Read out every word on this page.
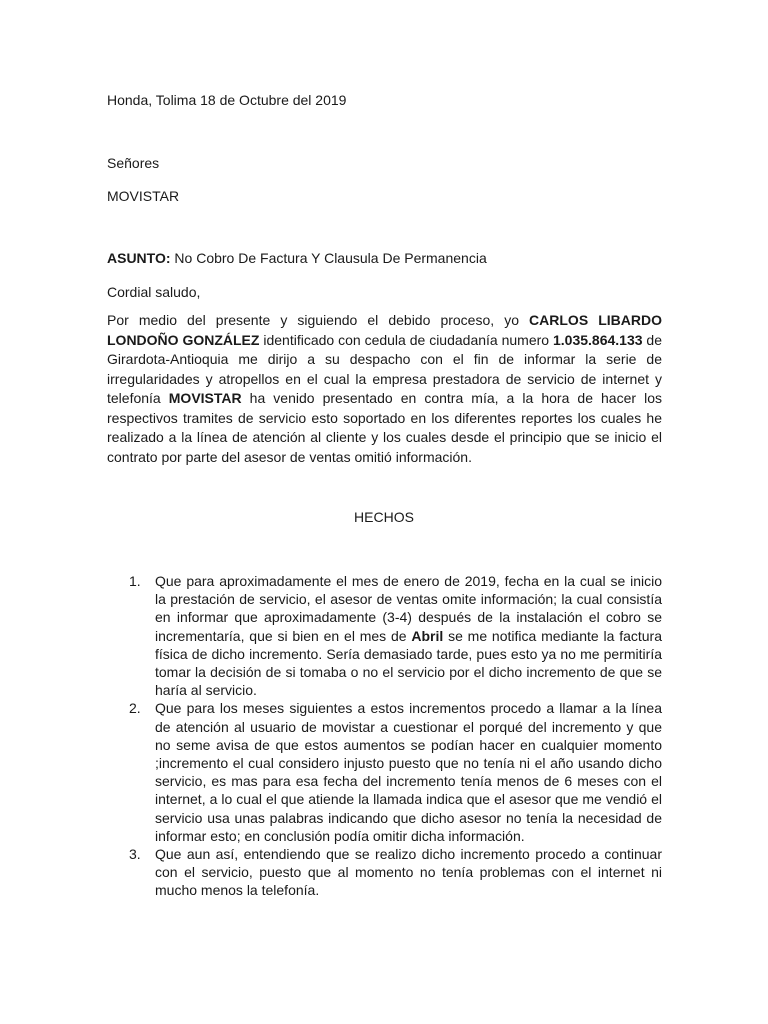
Honda, Tolima 18 de Octubre del 2019
Señores
MOVISTAR
ASUNTO: No Cobro De Factura Y Clausula De Permanencia
Cordial saludo,
Por medio del presente y siguiendo el debido proceso, yo CARLOS LIBARDO LONDOÑO GONZÁLEZ identificado con cedula de ciudadanía numero 1.035.864.133 de Girardota-Antioquia me dirijo a su despacho con el fin de informar la serie de irregularidades y atropellos en el cual la empresa prestadora de servicio de internet y telefonía MOVISTAR ha venido presentado en contra mía, a la hora de hacer los respectivos tramites de servicio esto soportado en los diferentes reportes los cuales he realizado a la línea de atención al cliente y los cuales desde el principio que se inicio el contrato por parte del asesor de ventas omitió información.
HECHOS
1. Que para aproximadamente el mes de enero de 2019, fecha en la cual se inicio la prestación de servicio, el asesor de ventas omite información; la cual consistía en informar que aproximadamente (3-4) después de la instalación el cobro se incrementaría, que si bien en el mes de Abril se me notifica mediante la factura física de dicho incremento. Sería demasiado tarde, pues esto ya no me permitiría tomar la decisión de si tomaba o no el servicio por el dicho incremento de que se haría al servicio.
2. Que para los meses siguientes a estos incrementos procedo a llamar a la línea de atención al usuario de movistar a cuestionar el porqué del incremento y que no seme avisa de que estos aumentos se podían hacer en cualquier momento ;incremento el cual considero injusto puesto que no tenía ni el año usando dicho servicio, es mas para esa fecha del incremento tenía menos de 6 meses con el internet, a lo cual el que atiende la llamada indica que el asesor que me vendió el servicio usa unas palabras indicando que dicho asesor no tenía la necesidad de informar esto; en conclusión podía omitir dicha información.
3. Que aun así, entendiendo que se realizo dicho incremento procedo a continuar con el servicio, puesto que al momento no tenía problemas con el internet ni mucho menos la telefonía.
